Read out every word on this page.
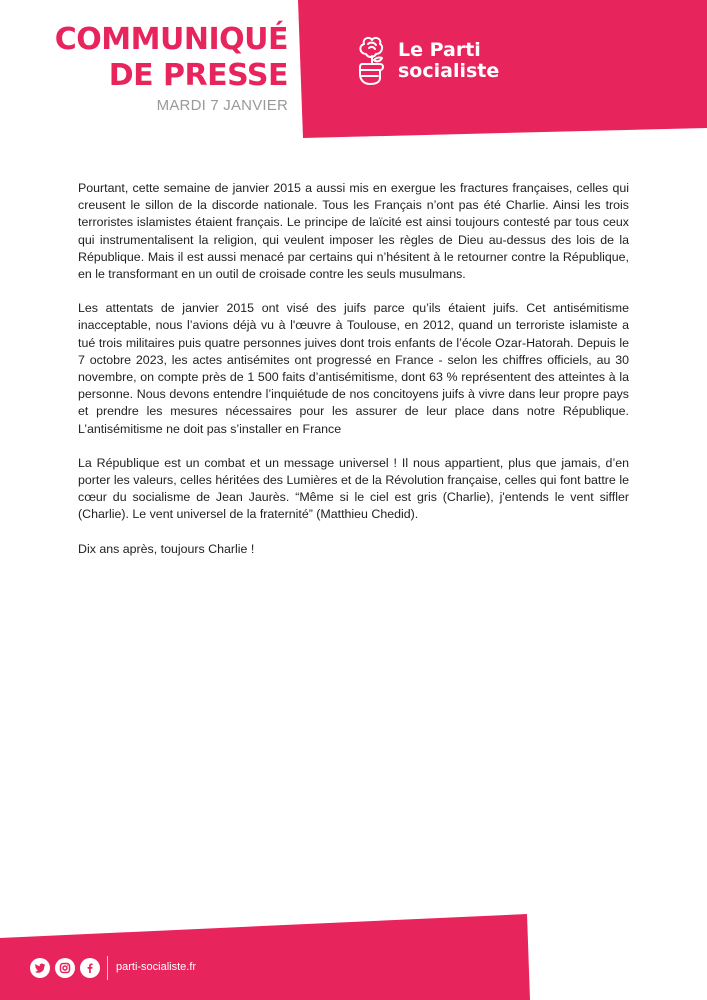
COMMUNIQUÉ
DE PRESSE
MARDI 7 JANVIER
Le Parti
socialiste

Pourtant, cette semaine de janvier 2015 a aussi mis en exergue les fractures françaises, celles qui creusent le sillon de la discorde nationale. Tous les Français n’ont pas été Charlie. Ainsi les trois terroristes islamistes étaient français. Le principe de laïcité est ainsi toujours contesté par tous ceux qui instrumentalisent la religion, qui veulent imposer les règles de Dieu au-dessus des lois de la République. Mais il est aussi menacé par certains qui n’hésitent à le retourner contre la République, en le transformant en un outil de croisade contre les seuls musulmans.

Les attentats de janvier 2015 ont visé des juifs parce qu’ils étaient juifs. Cet antisémitisme inacceptable, nous l’avions déjà vu à l'œuvre à Toulouse, en 2012, quand un terroriste islamiste a tué trois militaires puis quatre personnes juives dont trois enfants de l’école Ozar-Hatorah. Depuis le 7 octobre 2023, les actes antisémites ont progressé en France - selon les chiffres officiels, au 30 novembre, on compte près de 1 500 faits d’antisémitisme, dont 63 % représentent des atteintes à la personne. Nous devons entendre l’inquiétude de nos concitoyens juifs à vivre dans leur propre pays et prendre les mesures nécessaires pour les assurer de leur place dans notre République. L’antisémitisme ne doit pas s’installer en France

La République est un combat et un message universel ! Il nous appartient, plus que jamais, d’en porter les valeurs, celles héritées des Lumières et de la Révolution française, celles qui font battre le cœur du socialisme de Jean Jaurès. “Même si le ciel est gris (Charlie), j'entends le vent siffler (Charlie). Le vent universel de la fraternité” (Matthieu Chedid).

Dix ans après, toujours Charlie !

parti-socialiste.fr
